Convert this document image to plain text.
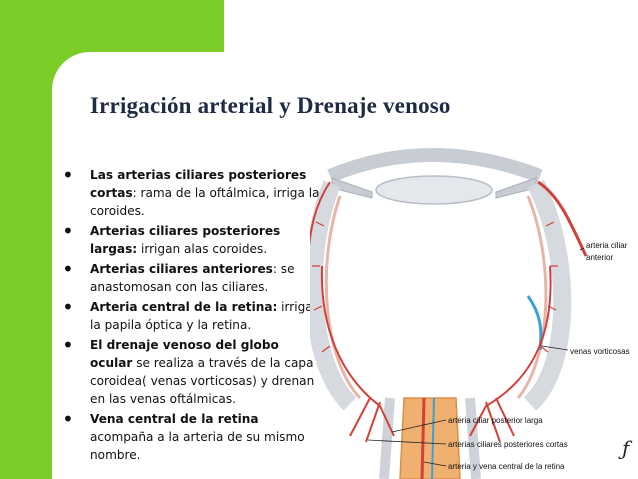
Irrigación arterial y Drenaje venoso
• Las arterias ciliares posteriores cortas: rama de la oftálmica, irriga la coroides.
• Arterias ciliares posteriores largas: irrigan alas coroides.
• Arterias ciliares anteriores: se anastomosan con las ciliares.
• Arteria central de la retina: irriga la papila óptica y la retina.
• El drenaje venoso del globo ocular se realiza a través de la capa coroidea( venas vorticosas) y drenan en las venas oftálmicas.
• Vena central de la retina acompaña a la arteria de su mismo nombre.
arteria ciliar
anterior
venas vorticosas
arteria ciliar posterior larga
arterias ciliares posteriores cortas
arteria y vena central de la retina
ƒ
